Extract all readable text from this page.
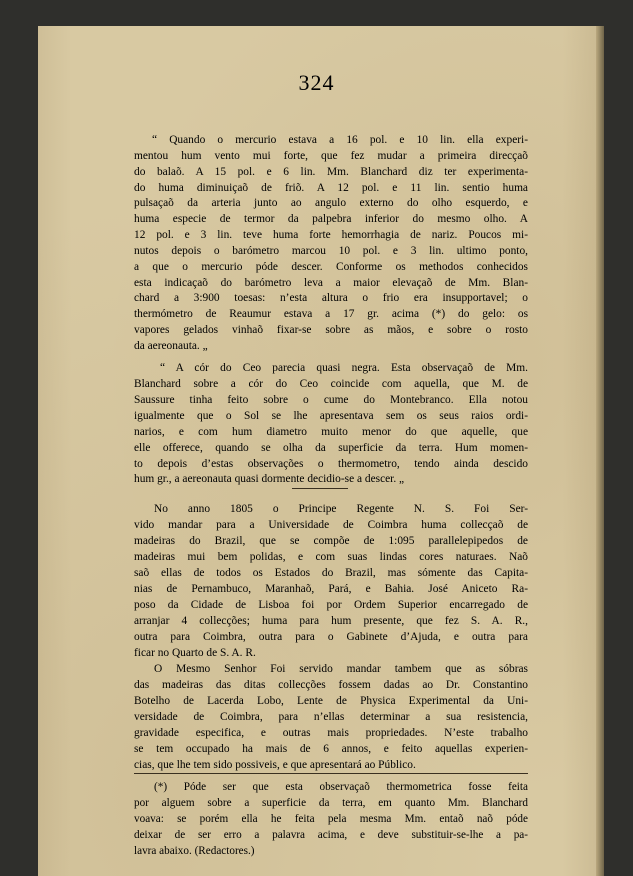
324
“ Quando o mercurio estava a 16 pol. e 10 lin. ella experi-
mentou hum vento mui forte, que fez mudar a primeira direcçaõ
do balaõ. A 15 pol. e 6 lin. Mm. Blanchard diz ter experimenta-
do huma diminuiçaõ de friõ. A 12 pol. e 11 lin. sentio huma
pulsaçaõ da arteria junto ao angulo externo do olho esquerdo, e
huma especie de termor da palpebra inferior do mesmo olho. A
12 pol. e 3 lin. teve huma forte hemorrhagia de nariz. Poucos mi-
nutos depois o barómetro marcou 10 pol. e 3 lin. ultimo ponto,
a que o mercurio póde descer. Conforme os methodos conhecidos
esta indicaçaõ do barómetro leva a maior elevaçaõ de Mm. Blan-
chard a 3:900 toesas: n’esta altura o frio era insupportavel; o
thermómetro de Reaumur estava a 17 gr. acima (*) do gelo: os
vapores gelados vinhaõ fixar-se sobre as mãos, e sobre o rosto
da aereonauta. „
“ A cór do Ceo parecia quasi negra. Esta observaçaõ de Mm.
Blanchard sobre a cór do Ceo coincide com aquella, que M. de
Saussure tinha feito sobre o cume do Montebranco. Ella notou
igualmente que o Sol se lhe apresentava sem os seus raios ordi-
narios, e com hum diametro muito menor do que aquelle, que
elle offerece, quando se olha da superficie da terra. Hum momen-
to depois d’estas observações o thermometro, tendo ainda descido
hum gr., a aereonauta quasi dormente decidio-se a descer. „
No anno 1805 o Principe Regente N. S. Foi Ser-
vido mandar para a Universidade de Coimbra huma collecçaõ de
madeiras do Brazil, que se compõe de 1:095 parallelepipedos de
madeiras mui bem polidas, e com suas lindas cores naturaes. Naõ
saõ ellas de todos os Estados do Brazil, mas sómente das Capita-
nias de Pernambuco, Maranhaõ, Pará, e Bahia. José Aniceto Ra-
poso da Cidade de Lisboa foi por Ordem Superior encarregado de
arranjar 4 collecções; huma para hum presente, que fez S. A. R.,
outra para Coimbra, outra para o Gabinete d’Ajuda, e outra para
ficar no Quarto de S. A. R.
O Mesmo Senhor Foi servido mandar tambem que as sóbras
das madeiras das ditas collecções fossem dadas ao Dr. Constantino
Botelho de Lacerda Lobo, Lente de Physica Experimental da Uni-
versidade de Coimbra, para n’ellas determinar a sua resistencia,
gravidade especifica, e outras mais propriedades. N’este trabalho
se tem occupado ha mais de 6 annos, e feito aquellas experien-
cias, que lhe tem sido possiveis, e que apresentará ao Público.
(*) Póde ser que esta observaçaõ thermometrica fosse feita
por alguem sobre a superficie da terra, em quanto Mm. Blanchard
voava: se porém ella he feita pela mesma Mm. entaõ naõ póde
deixar de ser erro a palavra acima, e deve substituir-se-lhe a pa-
lavra abaixo. (Redactores.)
